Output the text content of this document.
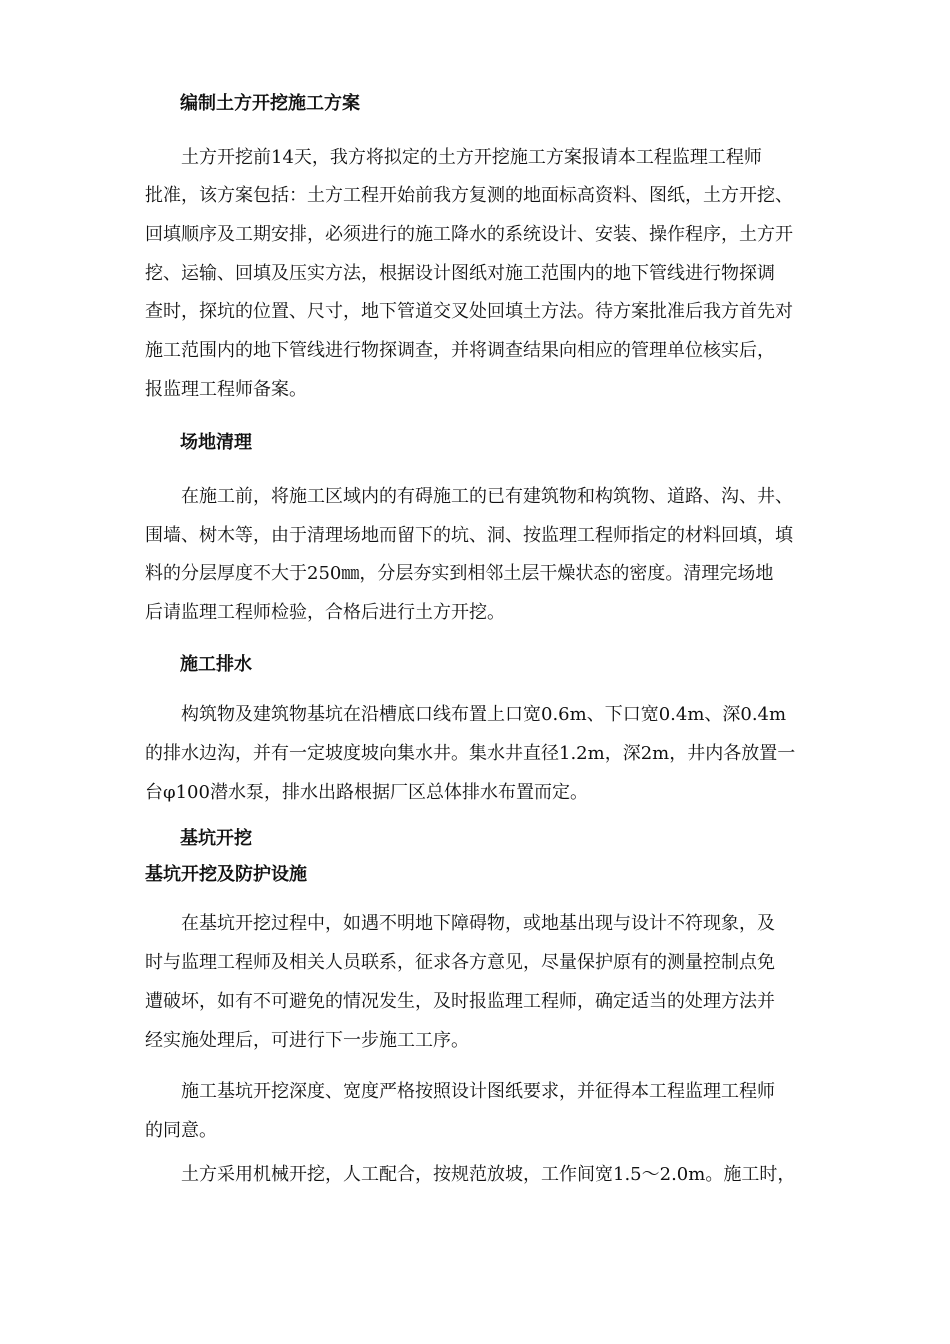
编制土方开挖施工方案
土方开挖前14天，我方将拟定的土方开挖施工方案报请本工程监理工程师
批准，该方案包括：土方工程开始前我方复测的地面标高资料、图纸，土方开挖、
回填顺序及工期安排，必须进行的施工降水的系统设计、安装、操作程序，土方开
挖、运输、回填及压实方法，根据设计图纸对施工范围内的地下管线进行物探调
查时，探坑的位置、尺寸，地下管道交叉处回填土方法。待方案批准后我方首先对
施工范围内的地下管线进行物探调查，并将调查结果向相应的管理单位核实后，
报监理工程师备案。
场地清理
在施工前，将施工区域内的有碍施工的已有建筑物和构筑物、道路、沟、井、
围墙、树木等，由于清理场地而留下的坑、洞、按监理工程师指定的材料回填，填
料的分层厚度不大于250㎜，分层夯实到相邻土层干燥状态的密度。清理完场地
后请监理工程师检验，合格后进行土方开挖。
施工排水
构筑物及建筑物基坑在沿槽底口线布置上口宽0.6m、下口宽0.4m、深0.4m
的排水边沟，并有一定坡度坡向集水井。集水井直径1.2m，深2m，井内各放置一
台φ100潜水泵，排水出路根据厂区总体排水布置而定。
基坑开挖
基坑开挖及防护设施
在基坑开挖过程中，如遇不明地下障碍物，或地基出现与设计不符现象，及
时与监理工程师及相关人员联系，征求各方意见，尽量保护原有的测量控制点免
遭破坏，如有不可避免的情况发生，及时报监理工程师，确定适当的处理方法并
经实施处理后，可进行下一步施工工序。
施工基坑开挖深度、宽度严格按照设计图纸要求，并征得本工程监理工程师
的同意。
土方采用机械开挖，人工配合，按规范放坡，工作间宽1.5～2.0m。施工时，
